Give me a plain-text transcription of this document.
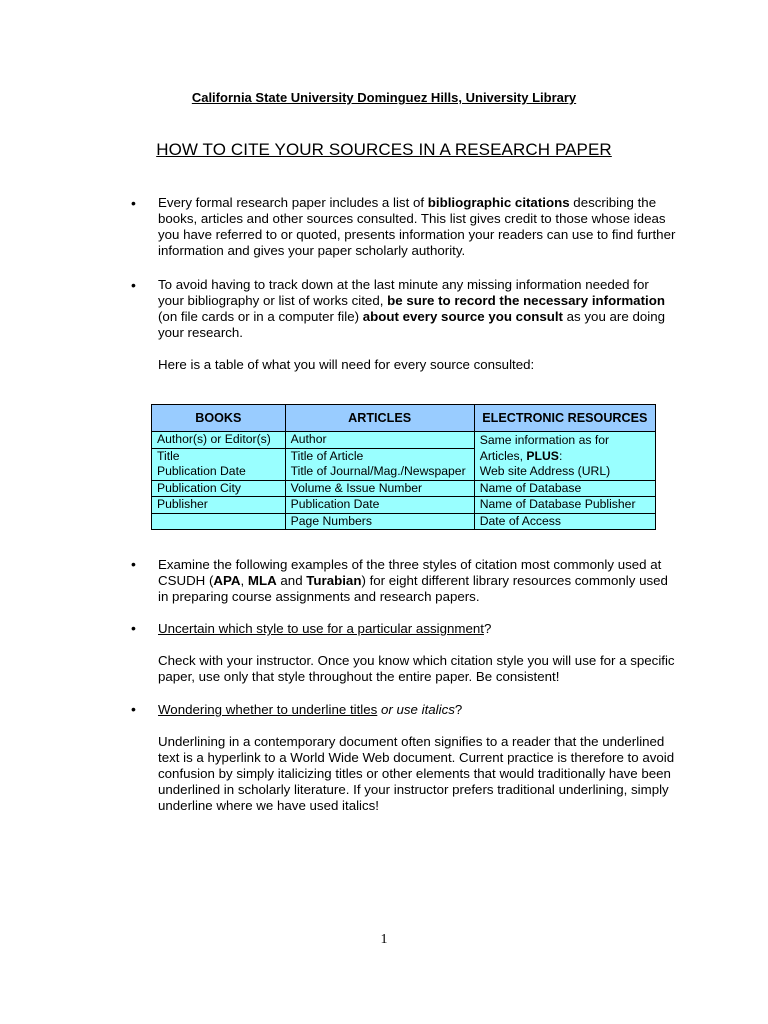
California State University Dominguez Hills, University Library
HOW TO CITE YOUR SOURCES IN A RESEARCH PAPER
• Every formal research paper includes a list of bibliographic citations describing the books, articles and other sources consulted. This list gives credit to those whose ideas you have referred to or quoted, presents information your readers can use to find further information and gives your paper scholarly authority.

• To avoid having to track down at the last minute any missing information needed for your bibliography or list of works cited, be sure to record the necessary information (on file cards or in a computer file) about every source you consult as you are doing your research.

Here is a table of what you will need for every source consulted:

BOOKS	ARTICLES	ELECTRONIC RESOURCES
Author(s) or Editor(s)	Author	Same information as for
Title	Title of Article	Articles, PLUS:
Publication Date	Title of Journal/Mag./Newspaper	Web site Address (URL)
Publication City	Volume & Issue Number	Name of Database
Publisher	Publication Date	Name of Database Publisher
	Page Numbers	Date of Access
• Examine the following examples of the three styles of citation most commonly used at CSUDH (APA, MLA and Turabian) for eight different library resources commonly used in preparing course assignments and research papers.

• Uncertain which style to use for a particular assignment?

Check with your instructor. Once you know which citation style you will use for a specific paper, use only that style throughout the entire paper. Be consistent!

• Wondering whether to underline titles or use italics?

Underlining in a contemporary document often signifies to a reader that the underlined text is a hyperlink to a World Wide Web document. Current practice is therefore to avoid confusion by simply italicizing titles or other elements that would traditionally have been underlined in scholarly literature. If your instructor prefers traditional underlining, simply underline where we have used italics!

1
